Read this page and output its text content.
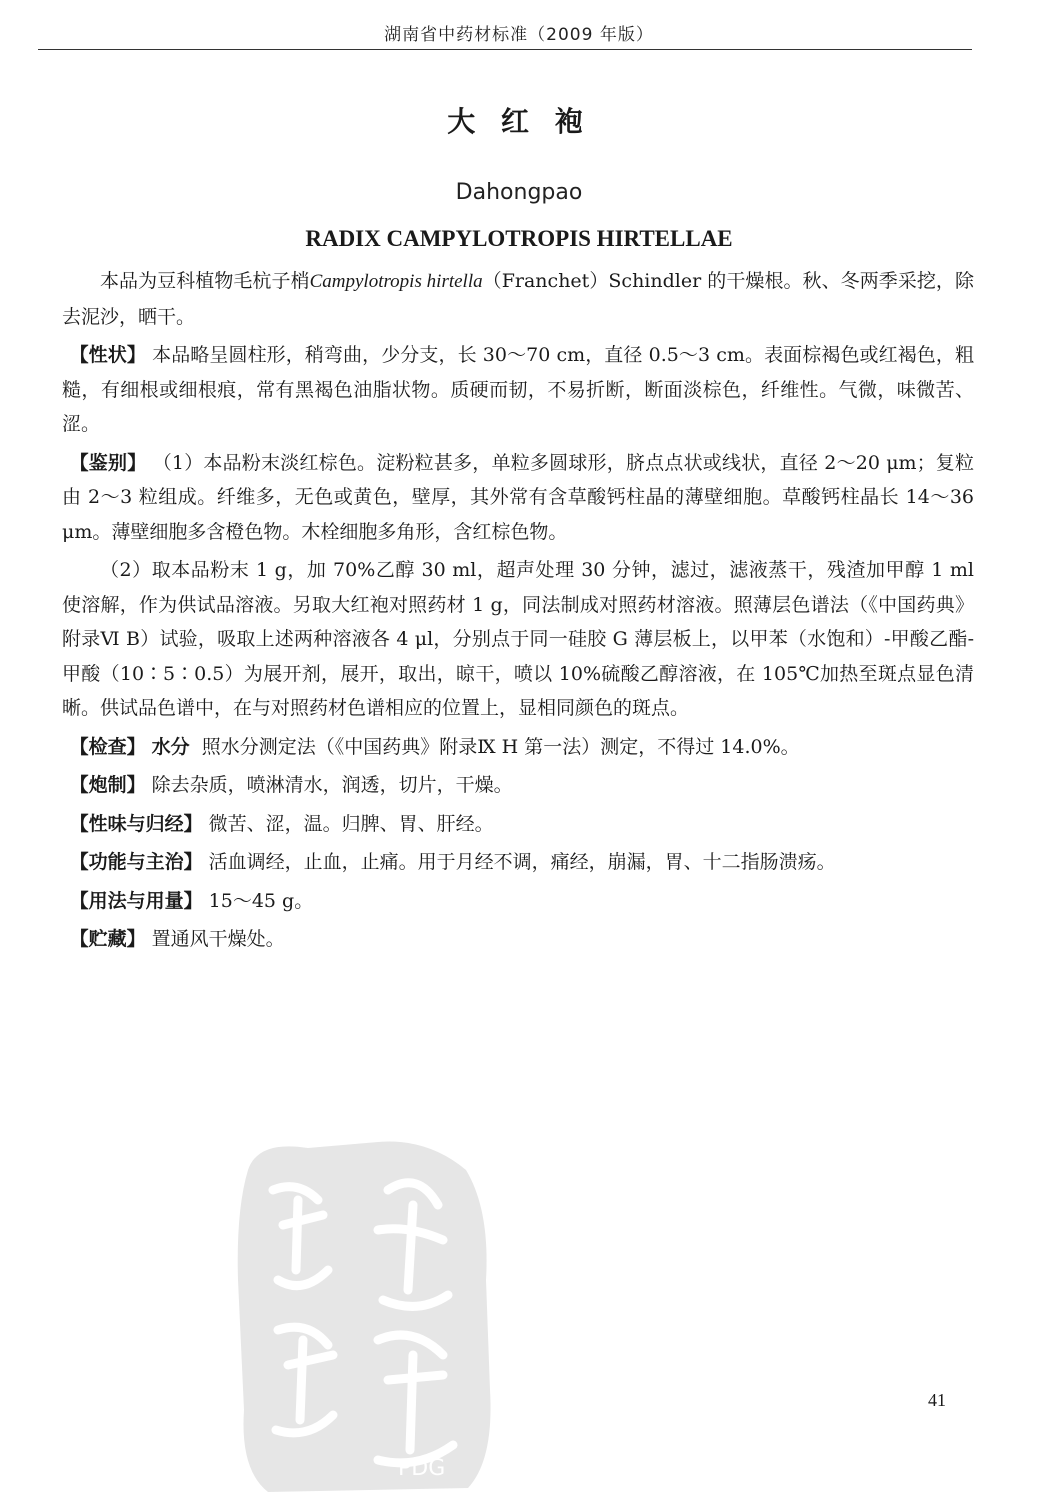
湖南省中药材标准（2009 年版）
大 红 袍
Dahongpao
RADIX CAMPYLOTROPIS HIRTELLAE

本品为豆科植物毛杭子梢Campylotropis hirtella（Franchet）Schindler 的干燥根。秋、冬两季采挖，除去泥沙，晒干。

【性状】 本品略呈圆柱形，稍弯曲，少分支，长 30～70 cm，直径 0.5～3 cm。表面棕褐色或红褐色，粗糙，有细根或细根痕，常有黑褐色油脂状物。质硬而韧，不易折断，断面淡棕色，纤维性。气微，味微苦、涩。

【鉴别】 （1）本品粉末淡红棕色。淀粉粒甚多，单粒多圆球形，脐点点状或线状，直径 2～20 μm；复粒由 2～3 粒组成。纤维多，无色或黄色，壁厚，其外常有含草酸钙柱晶的薄壁细胞。草酸钙柱晶长 14～36 μm。薄壁细胞多含橙色物。木栓细胞多角形，含红棕色物。

（2）取本品粉末 1 g，加 70%乙醇 30 ml，超声处理 30 分钟，滤过，滤液蒸干，残渣加甲醇 1 ml 使溶解，作为供试品溶液。另取大红袍对照药材 1 g，同法制成对照药材溶液。照薄层色谱法（《中国药典》附录Ⅵ B）试验，吸取上述两种溶液各 4 μl，分别点于同一硅胶 G 薄层板上，以甲苯（水饱和）-甲酸乙酯-甲酸（10∶5∶0.5）为展开剂，展开，取出，晾干，喷以 10%硫酸乙醇溶液，在 105℃加热至斑点显色清晰。供试品色谱中，在与对照药材色谱相应的位置上，显相同颜色的斑点。

【检查】 水分 照水分测定法（《中国药典》附录Ⅸ H 第一法）测定，不得过 14.0%。

【炮制】 除去杂质，喷淋清水，润透，切片，干燥。

【性味与归经】 微苦、涩，温。归脾、胃、肝经。

【功能与主治】 活血调经，止血，止痛。用于月经不调，痛经，崩漏，胃、十二指肠溃疡。

【用法与用量】 15～45 g。

【贮藏】 置通风干燥处。

41
PDG
